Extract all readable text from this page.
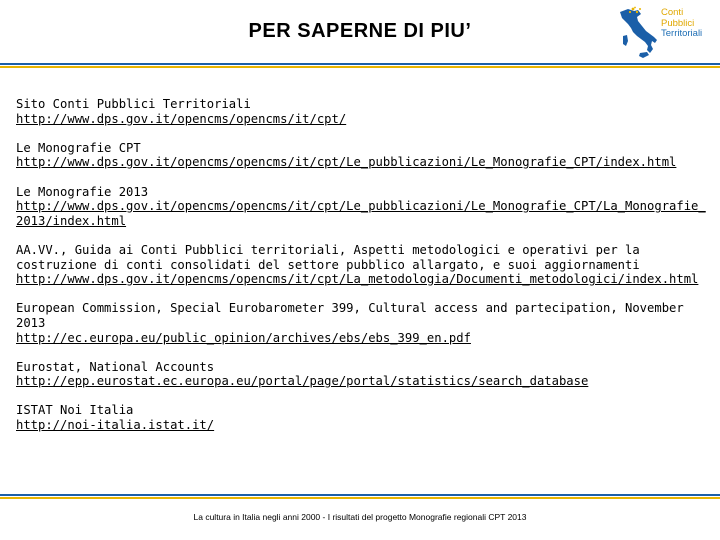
PER SAPERNE DI PIU’
Conti
Pubblici
Territoriali
Sito Conti Pubblici Territoriali
http://www.dps.gov.it/opencms/opencms/it/cpt/
Le Monografie CPT
http://www.dps.gov.it/opencms/opencms/it/cpt/Le_pubblicazioni/Le_Monografie_CPT/index.html
Le Monografie 2013
http://www.dps.gov.it/opencms/opencms/it/cpt/Le_pubblicazioni/Le_Monografie_CPT/La_Monografie_2013/index.html
AA.VV., Guida ai Conti Pubblici territoriali, Aspetti metodologici e operativi per la costruzione di conti consolidati del settore pubblico allargato, e suoi aggiornamenti
http://www.dps.gov.it/opencms/opencms/it/cpt/La_metodologia/Documenti_metodologici/index.html
European Commission, Special Eurobarometer 399, Cultural access and partecipation, November 2013
http://ec.europa.eu/public_opinion/archives/ebs/ebs_399_en.pdf
Eurostat, National Accounts
http://epp.eurostat.ec.europa.eu/portal/page/portal/statistics/search_database
ISTAT Noi Italia
http://noi-italia.istat.it/
La cultura in Italia negli anni 2000 - I risultati del progetto Monografie regionali CPT 2013
